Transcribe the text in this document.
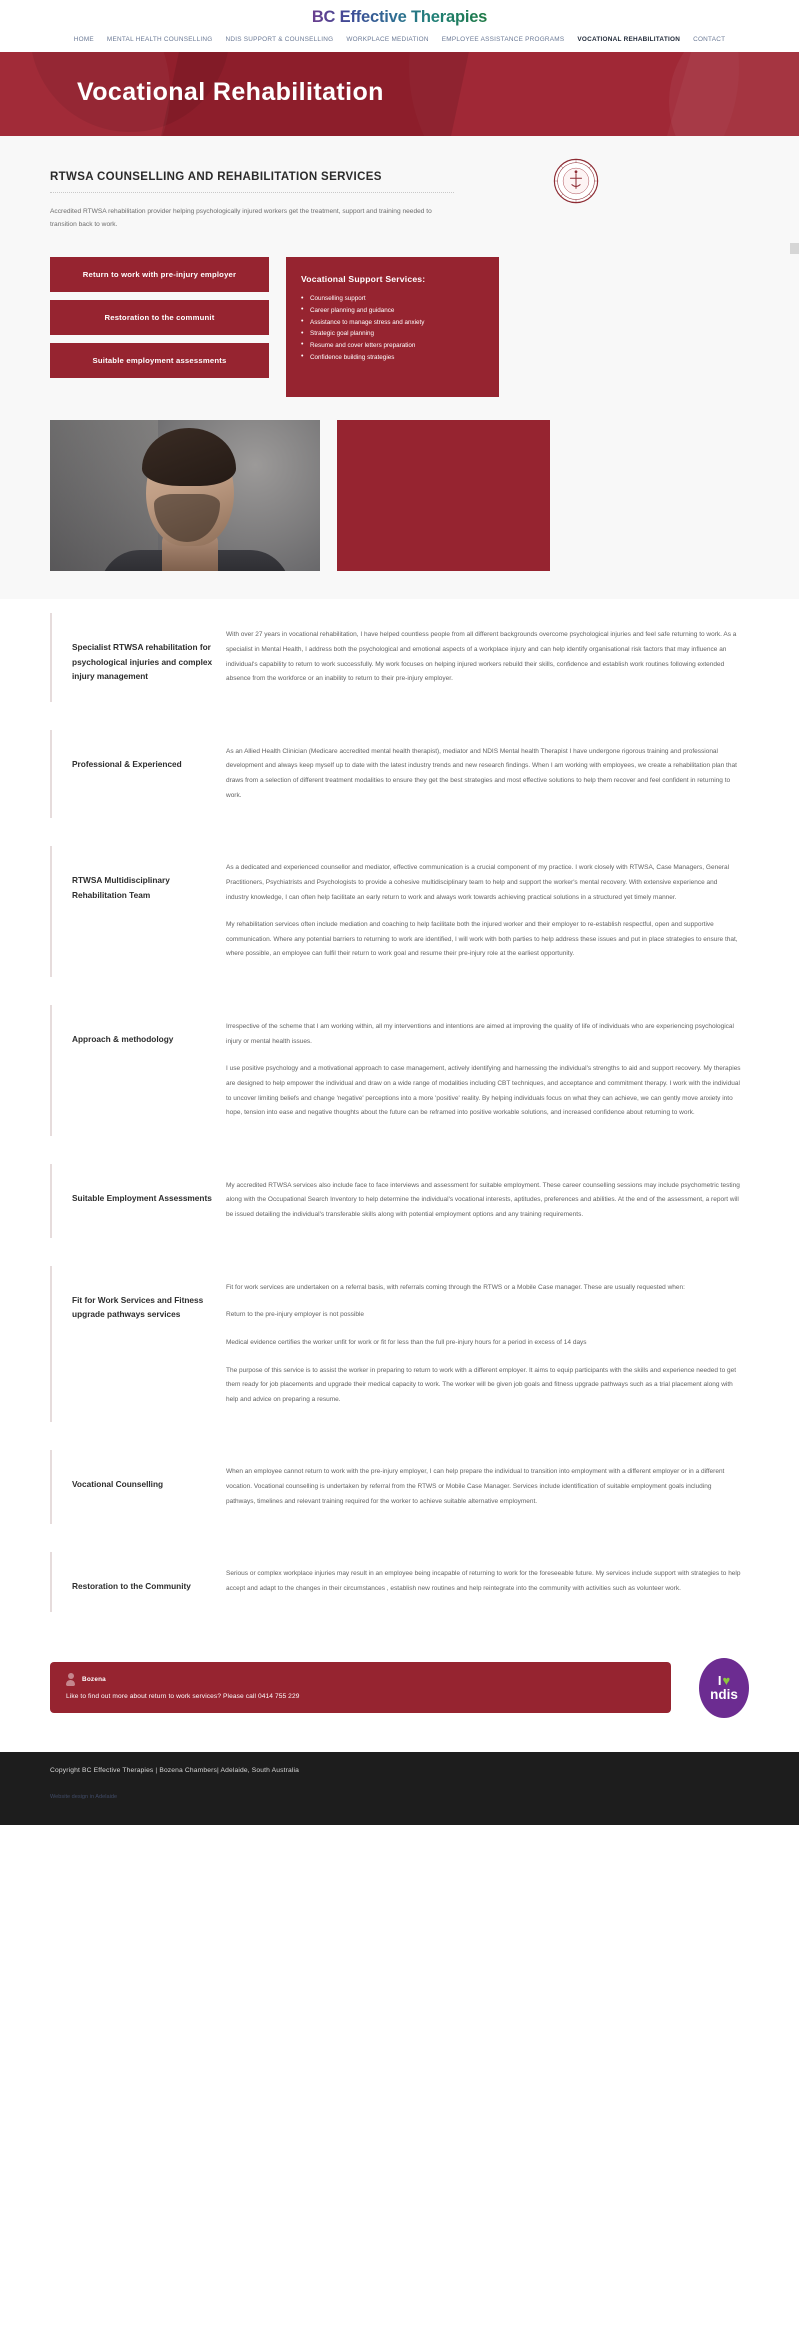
BC Effective Therapies
HOME MENTAL HEALTH COUNSELLING NDIS SUPPORT & COUNSELLING WORKPLACE MEDIATION EMPLOYEE ASSISTANCE PROGRAMS VOCATIONAL REHABILITATION CONTACT
Vocational Rehabilitation
RTWSA COUNSELLING AND REHABILITATION SERVICES

Accredited RTWSA rehabilitation provider helping psychologically injured workers get the treatment, support and training needed to transition back to work.

Return to work with pre-injury employer
Restoration to the communit
Suitable employment assessments
Vocational Support Services:
• Counselling support
• Career planning and guidance
• Assistance to manage stress and anxiety
• Strategic goal planning
• Resume and cover letters preparation
• Confidence building strategies
Specialist RTWSA rehabilitation for psychological injuries and complex injury management

With over 27 years in vocational rehabilitation, I have helped countless people from all different backgrounds overcome psychological injuries and feel safe returning to work. As a specialist in Mental Health, I address both the psychological and emotional aspects of a workplace injury and can help identify organisational risk factors that may influence an individual's capability to return to work successfully. My work focuses on helping injured workers rebuild their skills, confidence and establish work routines following extended absence from the workforce or an inability to return to their pre-injury employer.

Professional & Experienced

As an Allied Health Clinician (Medicare accredited mental health therapist), mediator and NDIS Mental health Therapist I have undergone rigorous training and professional development and always keep myself up to date with the latest industry trends and new research findings. When I am working with employees, we create a rehabilitation plan that draws from a selection of different treatment modalities to ensure they get the best strategies and most effective solutions to help them recover and feel confident in returning to work.

RTWSA Multidisciplinary Rehabilitation Team

As a dedicated and experienced counsellor and mediator, effective communication is a crucial component of my practice. I work closely with RTWSA, Case Managers, General Practitioners, Psychiatrists and Psychologists to provide a cohesive multidisciplinary team to help and support the worker's mental recovery. With extensive experience and industry knowledge, I can often help facilitate an early return to work and always work towards achieving practical solutions in a structured yet timely manner.

My rehabilitation services often include mediation and coaching to help facilitate both the injured worker and their employer to re-establish respectful, open and supportive communication. Where any potential barriers to returning to work are identified, I will work with both parties to help address these issues and put in place strategies to ensure that, where possible, an employee can fulfil their return to work goal and resume their pre-injury role at the earliest opportunity.

Approach & methodology

Irrespective of the scheme that I am working within, all my interventions and intentions are aimed at improving the quality of life of individuals who are experiencing psychological injury or mental health issues.

I use positive psychology and a motivational approach to case management, actively identifying and harnessing the individual's strengths to aid and support recovery. My therapies are designed to help empower the individual and draw on a wide range of modalities including CBT techniques, and acceptance and commitment therapy. I work with the individual to uncover limiting beliefs and change 'negative' perceptions into a more 'positive' reality. By helping individuals focus on what they can achieve, we can gently move anxiety into hope, tension into ease and negative thoughts about the future can be reframed into positive workable solutions, and increased confidence about returning to work.

Suitable Employment Assessments

My accredited RTWSA services also include face to face interviews and assessment for suitable employment. These career counselling sessions may include psychometric testing along with the Occupational Search Inventory to help determine the individual's vocational interests, aptitudes, preferences and abilities. At the end of the assessment, a report will be issued detailing the individual's transferable skills along with potential employment options and any training requirements.

Fit for Work Services and Fitness upgrade pathways services

Fit for work services are undertaken on a referral basis, with referrals coming through the RTWS or a Mobile Case manager. These are usually requested when:

Return to the pre-injury employer is not possible

Medical evidence certifies the worker unfit for work or fit for less than the full pre-injury hours for a period in excess of 14 days

The purpose of this service is to assist the worker in preparing to return to work with a different employer. It aims to equip participants with the skills and experience needed to get them ready for job placements and upgrade their medical capacity to work. The worker will be given job goals and fitness upgrade pathways such as a trial placement along with help and advice on preparing a resume.

Vocational Counselling

When an employee cannot return to work with the pre-injury employer, I can help prepare the individual to transition into employment with a different employer or in a different vocation. Vocational counselling is undertaken by referral from the RTWS or Mobile Case Manager. Services include identification of suitable employment goals including pathways, timelines and relevant training required for the worker to achieve suitable alternative employment.

Restoration to the Community

Serious or complex workplace injuries may result in an employee being incapable of returning to work for the foreseeable future. My services include support with strategies to help accept and adapt to the changes in their circumstances , establish new routines and help reintegrate into the community with activities such as volunteer work.

Bozena
Like to find out more about return to work services? Please call 0414 755 229
I ♥
ndis
Copyright BC Effective Therapies | Bozena Chambers| Adelaide, South Australia
Website design in Adelaide
